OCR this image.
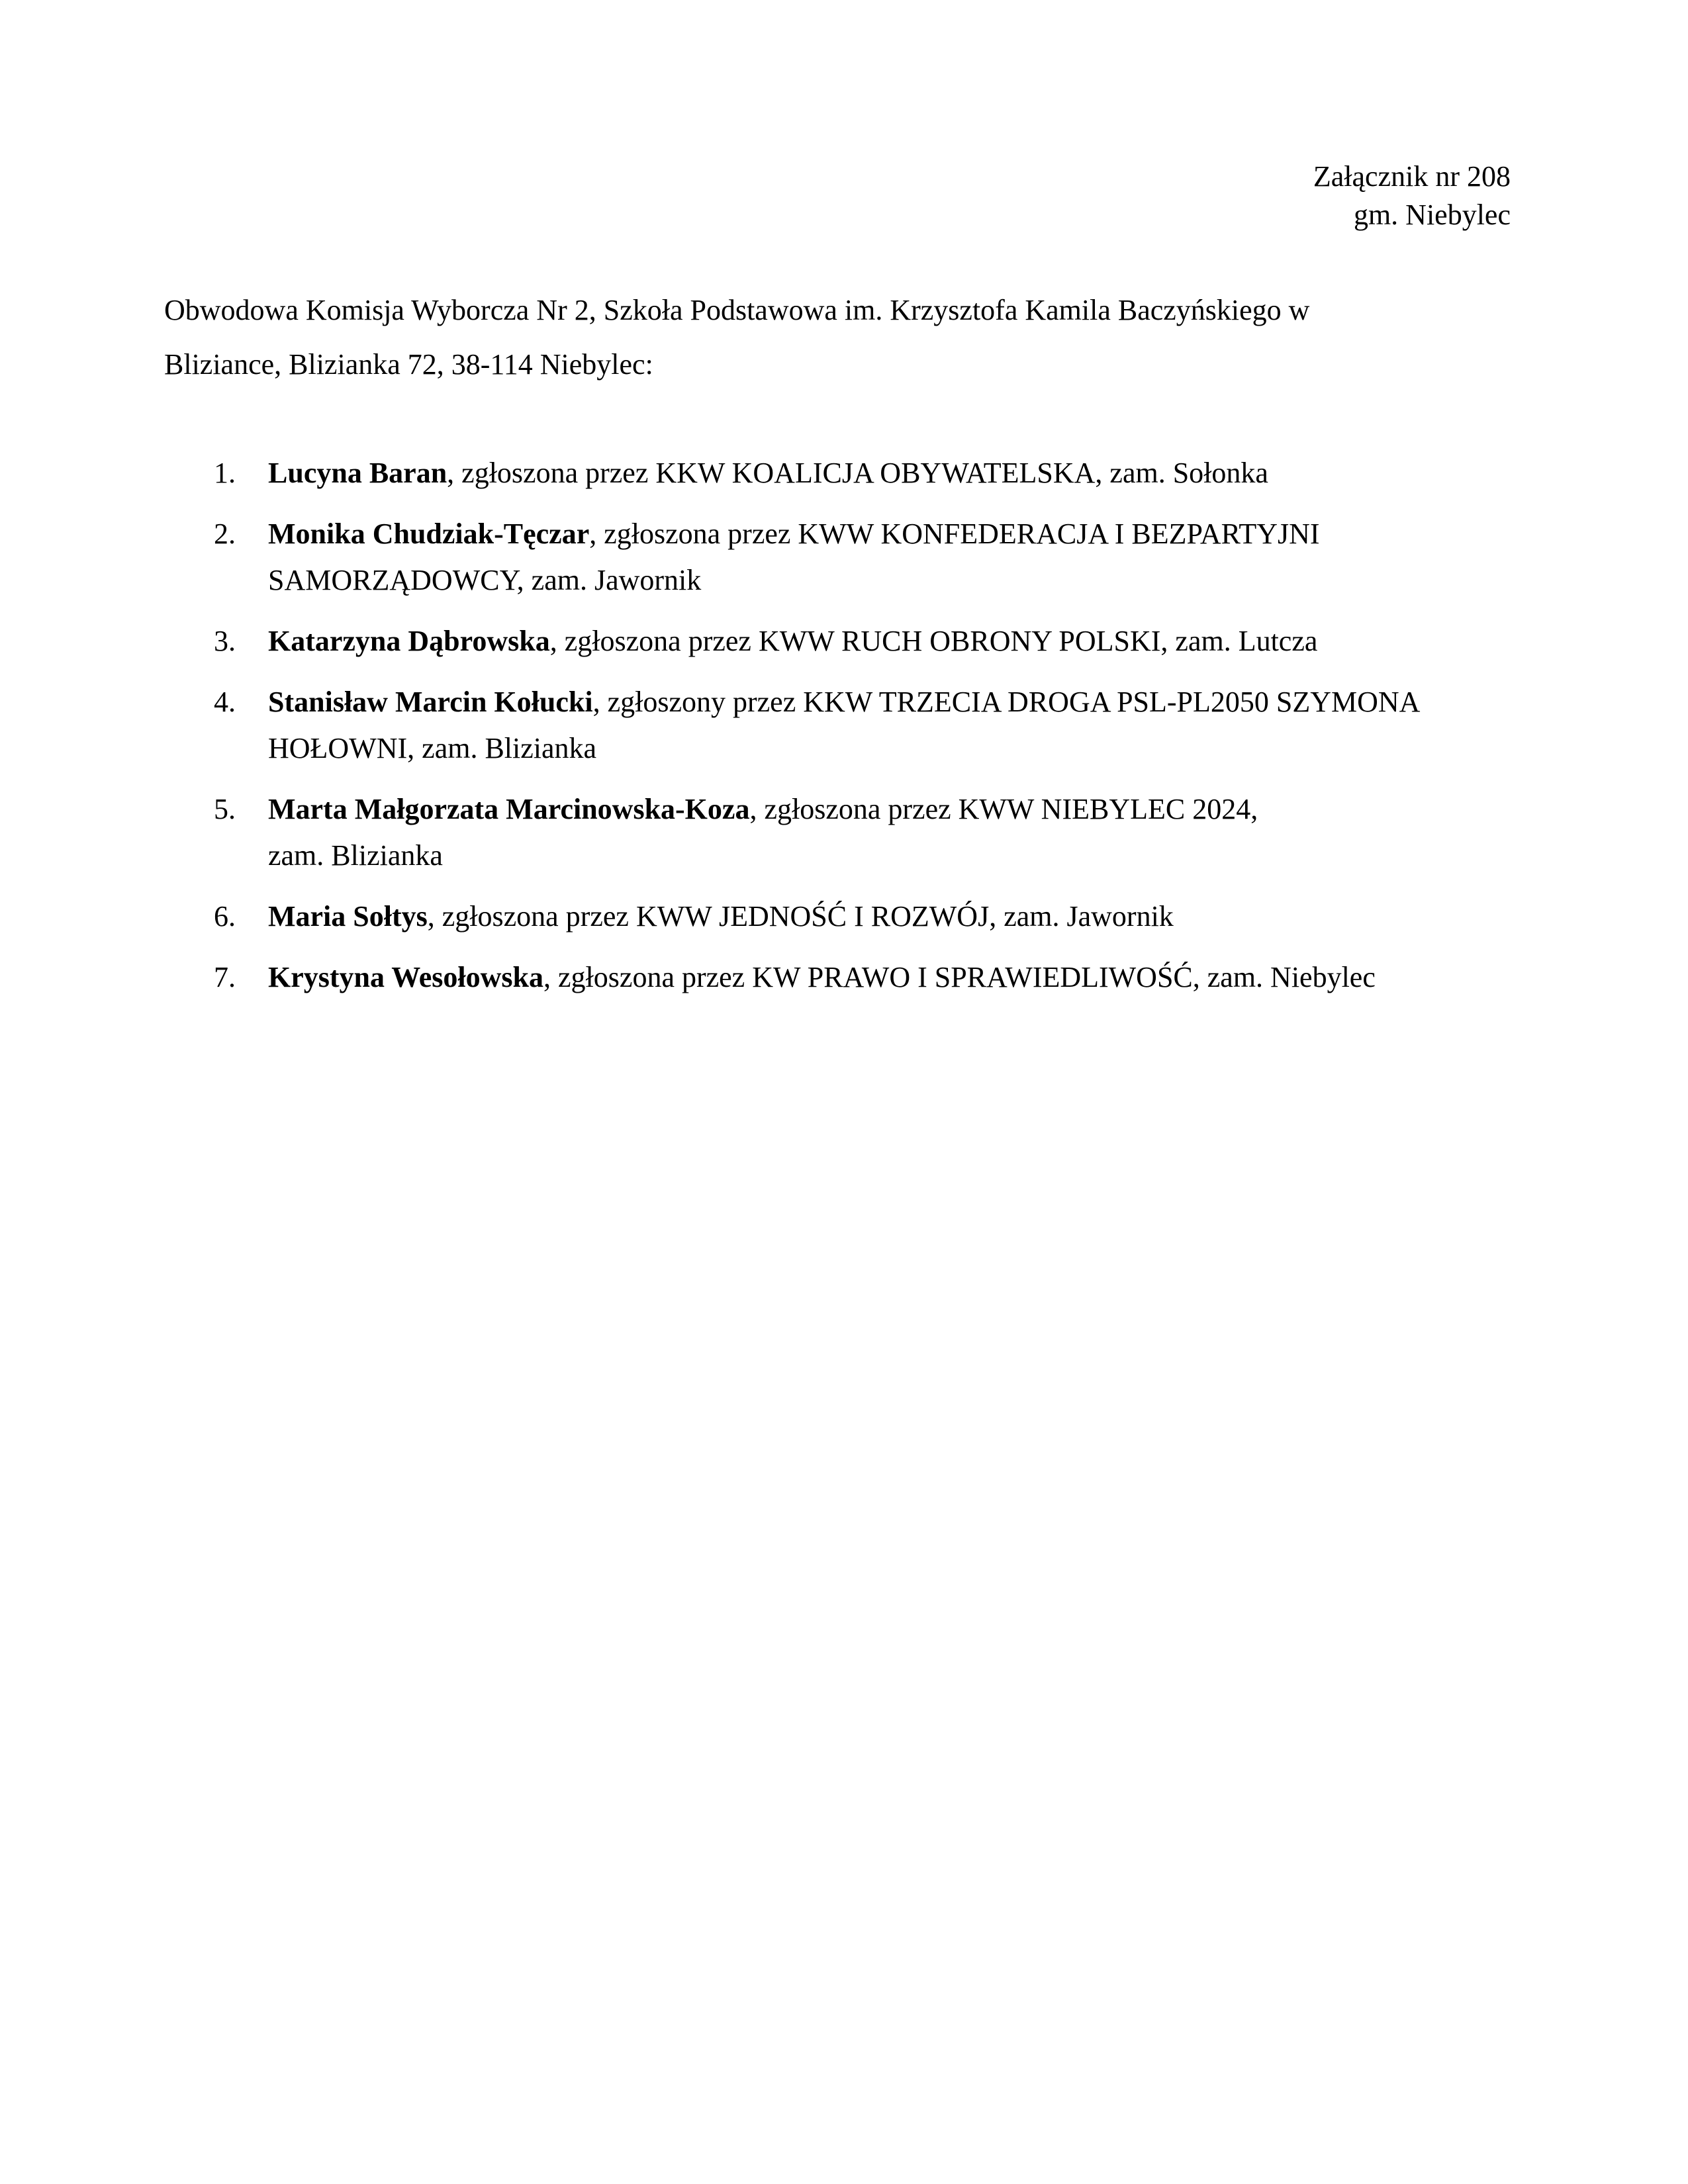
Załącznik nr 208
gm. Niebylec
Obwodowa Komisja Wyborcza Nr 2, Szkoła Podstawowa im. Krzysztofa Kamila Baczyńskiego w
Bliziance, Blizianka 72, 38-114 Niebylec:
1. Lucyna Baran, zgłoszona przez KKW KOALICJA OBYWATELSKA, zam. Sołonka
2. Monika Chudziak-Tęczar, zgłoszona przez KWW KONFEDERACJA I BEZPARTYJNI
SAMORZĄDOWCY, zam. Jawornik
3. Katarzyna Dąbrowska, zgłoszona przez KWW RUCH OBRONY POLSKI, zam. Lutcza
4. Stanisław Marcin Kołucki, zgłoszony przez KKW TRZECIA DROGA PSL-PL2050 SZYMONA
HOŁOWNI, zam. Blizianka
5. Marta Małgorzata Marcinowska-Koza, zgłoszona przez KWW NIEBYLEC 2024,
zam. Blizianka
6. Maria Sołtys, zgłoszona przez KWW JEDNOŚĆ I ROZWÓJ, zam. Jawornik
7. Krystyna Wesołowska, zgłoszona przez KW PRAWO I SPRAWIEDLIWOŚĆ, zam. Niebylec
